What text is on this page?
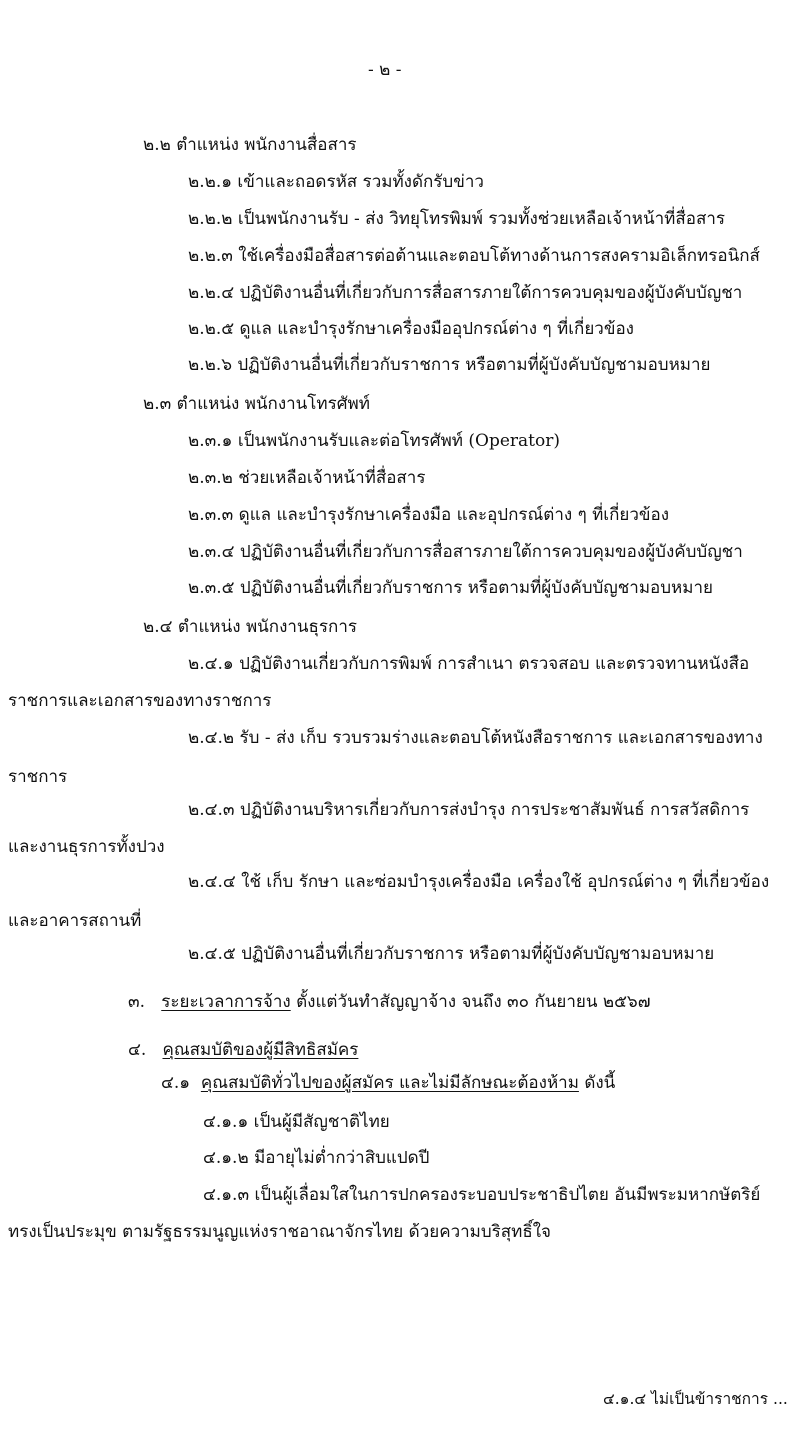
- ๒ -
๒.๒ ตำแหน่ง พนักงานสื่อสาร
๒.๒.๑ เข้าและถอดรหัส รวมทั้งดักรับข่าว
๒.๒.๒ เป็นพนักงานรับ - ส่ง วิทยุโทรพิมพ์ รวมทั้งช่วยเหลือเจ้าหน้าที่สื่อสาร
๒.๒.๓ ใช้เครื่องมือสื่อสารต่อต้านและตอบโต้ทางด้านการสงครามอิเล็กทรอนิกส์
๒.๒.๔ ปฏิบัติงานอื่นที่เกี่ยวกับการสื่อสารภายใต้การควบคุมของผู้บังคับบัญชา
๒.๒.๕ ดูแล และบำรุงรักษาเครื่องมืออุปกรณ์ต่าง ๆ ที่เกี่ยวข้อง
๒.๒.๖ ปฏิบัติงานอื่นที่เกี่ยวกับราชการ หรือตามที่ผู้บังคับบัญชามอบหมาย
๒.๓ ตำแหน่ง พนักงานโทรศัพท์
๒.๓.๑ เป็นพนักงานรับและต่อโทรศัพท์ (Operator)
๒.๓.๒ ช่วยเหลือเจ้าหน้าที่สื่อสาร
๒.๓.๓ ดูแล และบำรุงรักษาเครื่องมือ และอุปกรณ์ต่าง ๆ ที่เกี่ยวข้อง
๒.๓.๔ ปฏิบัติงานอื่นที่เกี่ยวกับการสื่อสารภายใต้การควบคุมของผู้บังคับบัญชา
๒.๓.๕ ปฏิบัติงานอื่นที่เกี่ยวกับราชการ หรือตามที่ผู้บังคับบัญชามอบหมาย
๒.๔ ตำแหน่ง พนักงานธุรการ
๒.๔.๑ ปฏิบัติงานเกี่ยวกับการพิมพ์ การสำเนา ตรวจสอบ และตรวจทานหนังสือ
ราชการและเอกสารของทางราชการ
๒.๔.๒ รับ - ส่ง เก็บ รวบรวมร่างและตอบโต้หนังสือราชการ และเอกสารของทาง
ราชการ
๒.๔.๓ ปฏิบัติงานบริหารเกี่ยวกับการส่งบำรุง การประชาสัมพันธ์ การสวัสดิการ
และงานธุรการทั้งปวง
๒.๔.๔ ใช้ เก็บ รักษา และซ่อมบำรุงเครื่องมือ เครื่องใช้ อุปกรณ์ต่าง ๆ ที่เกี่ยวข้อง
และอาคารสถานที่
๒.๔.๕ ปฏิบัติงานอื่นที่เกี่ยวกับราชการ หรือตามที่ผู้บังคับบัญชามอบหมาย
๓. ระยะเวลาการจ้าง ตั้งแต่วันทำสัญญาจ้าง จนถึง ๓๐ กันยายน ๒๕๖๗
๔. คุณสมบัติของผู้มีสิทธิสมัคร
๔.๑ คุณสมบัติทั่วไปของผู้สมัคร และไม่มีลักษณะต้องห้าม ดังนี้
๔.๑.๑ เป็นผู้มีสัญชาติไทย
๔.๑.๒ มีอายุไม่ต่ำกว่าสิบแปดปี
๔.๑.๓ เป็นผู้เลื่อมใสในการปกครองระบอบประชาธิปไตย อันมีพระมหากษัตริย์
ทรงเป็นประมุข ตามรัฐธรรมนูญแห่งราชอาณาจักรไทย ด้วยความบริสุทธิ์ใจ
๔.๑.๔ ไม่เป็นข้าราชการ ...
